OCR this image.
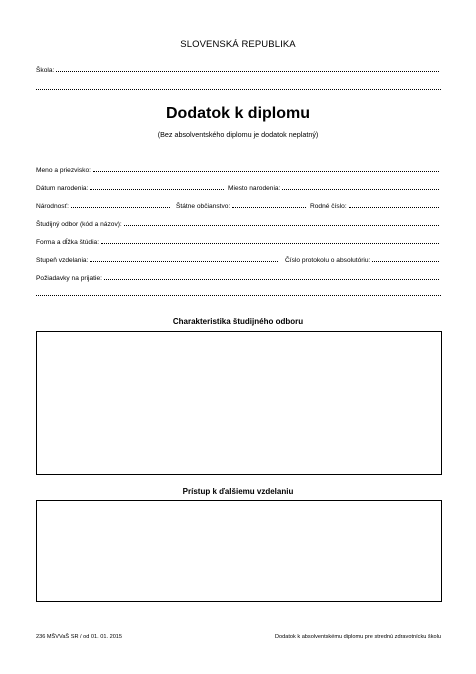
SLOVENSKÁ REPUBLIKA
Škola:
Dodatok k diplomu
(Bez absolventského diplomu je dodatok neplatný)
Meno a priezvisko:
Dátum narodenia:	Miesto narodenia:
Národnosť:	Štátne občianstvo:	Rodné číslo:
Študijný odbor (kód a názov):
Forma a dĺžka štúdia:
Stupeň vzdelania:	Číslo protokolu o absolutóriu:
Požiadavky na prijatie:
Charakteristika študijného odboru
Prístup k ďalšiemu vzdelaniu
236 MŠVVaŠ SR / od 01. 01. 2015	Dodatok k absolventskému diplomu pre strednú zdravotnícku školu
